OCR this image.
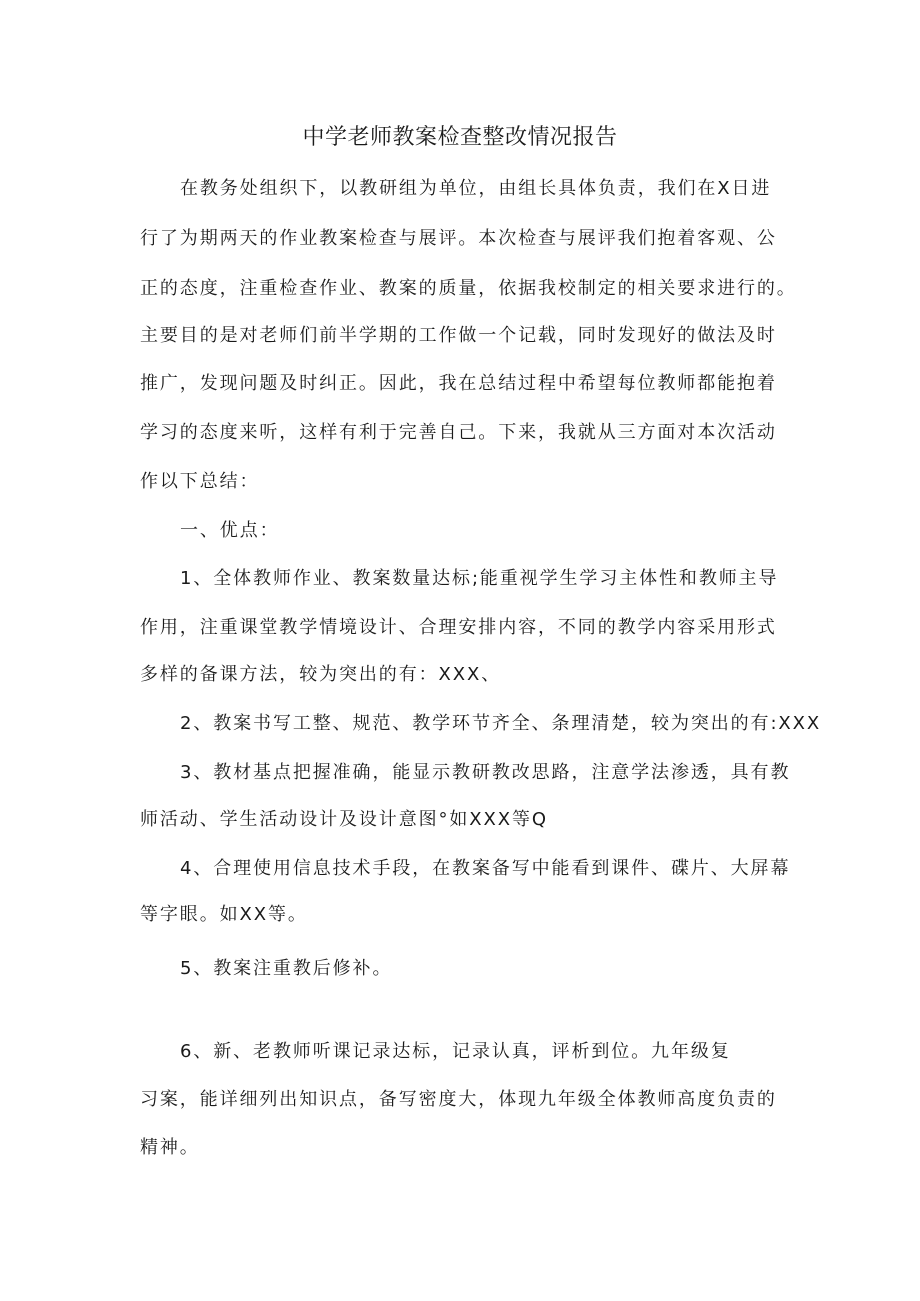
中学老师教案检查整改情况报告

在教务处组织下，以教研组为单位，由组长具体负责，我们在X日进

行了为期两天的作业教案检查与展评。本次检查与展评我们抱着客观、公

正的态度，注重检查作业、教案的质量，依据我校制定的相关要求进行的。

主要目的是对老师们前半学期的工作做一个记载，同时发现好的做法及时

推广，发现问题及时纠正。因此，我在总结过程中希望每位教师都能抱着

学习的态度来听，这样有利于完善自己。下来，我就从三方面对本次活动

作以下总结：

一、优点：

1、全体教师作业、教案数量达标;能重视学生学习主体性和教师主导

作用，注重课堂教学情境设计、合理安排内容，不同的教学内容采用形式

多样的备课方法，较为突出的有：XXX、

2、教案书写工整、规范、教学环节齐全、条理清楚，较为突出的有:XXX

3、教材基点把握准确，能显示教研教改思路，注意学法渗透，具有教

师活动、学生活动设计及设计意图°如XXX等Q

4、合理使用信息技术手段，在教案备写中能看到课件、碟片、大屏幕

等字眼。如XX等。

5、教案注重教后修补。

6、新、老教师听课记录达标，记录认真，评析到位。九年级复

习案，能详细列出知识点，备写密度大，体现九年级全体教师高度负责的

精神。
